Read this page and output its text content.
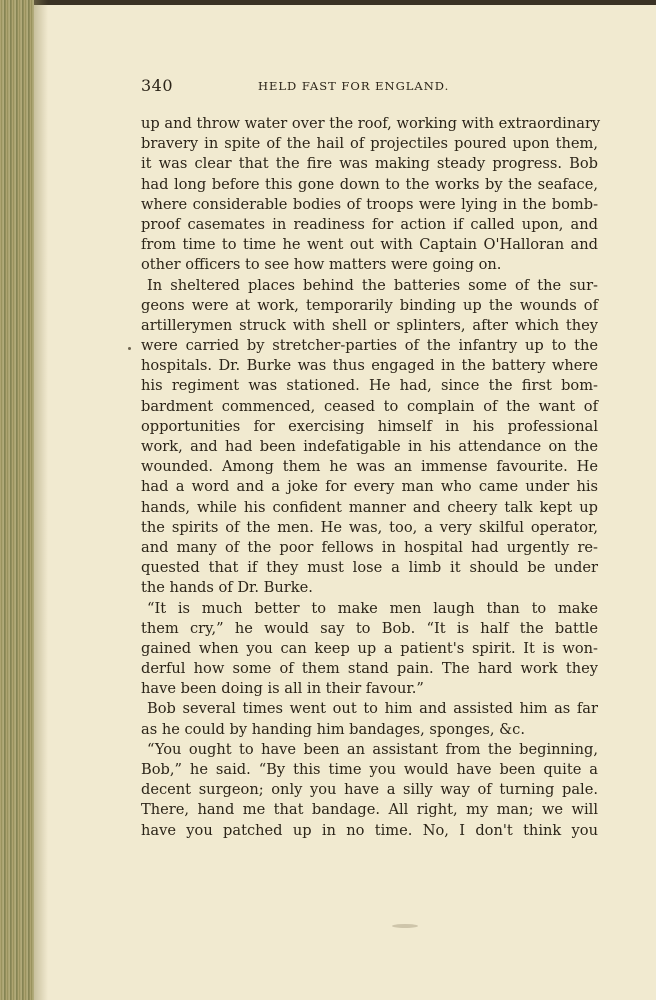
340	HELD FAST FOR ENGLAND.
up and throw water over the roof, working with extraordinary
bravery in spite of the hail of projectiles poured upon them,
it was clear that the fire was making steady progress. Bob
had long before this gone down to the works by the seaface,
where considerable bodies of troops were lying in the bomb-
proof casemates in readiness for action if called upon, and
from time to time he went out with Captain O'Halloran and
other officers to see how matters were going on.
In sheltered places behind the batteries some of the sur-
geons were at work, temporarily binding up the wounds of
artillerymen struck with shell or splinters, after which they
were carried by stretcher-parties of the infantry up to the
hospitals. Dr. Burke was thus engaged in the battery where
his regiment was stationed. He had, since the first bom-
bardment commenced, ceased to complain of the want of
opportunities for exercising himself in his professional
work, and had been indefatigable in his attendance on the
wounded. Among them he was an immense favourite. He
had a word and a joke for every man who came under his
hands, while his confident manner and cheery talk kept up
the spirits of the men. He was, too, a very skilful operator,
and many of the poor fellows in hospital had urgently re-
quested that if they must lose a limb it should be under
the hands of Dr. Burke.
“It is much better to make men laugh than to make
them cry,” he would say to Bob. “It is half the battle
gained when you can keep up a patient's spirit. It is won-
derful how some of them stand pain. The hard work they
have been doing is all in their favour.”
Bob several times went out to him and assisted him as far
as he could by handing him bandages, sponges, &c.
“You ought to have been an assistant from the beginning,
Bob,” he said. “By this time you would have been quite a
decent surgeon; only you have a silly way of turning pale.
There, hand me that bandage. All right, my man; we will
have you patched up in no time. No, I don't think you
